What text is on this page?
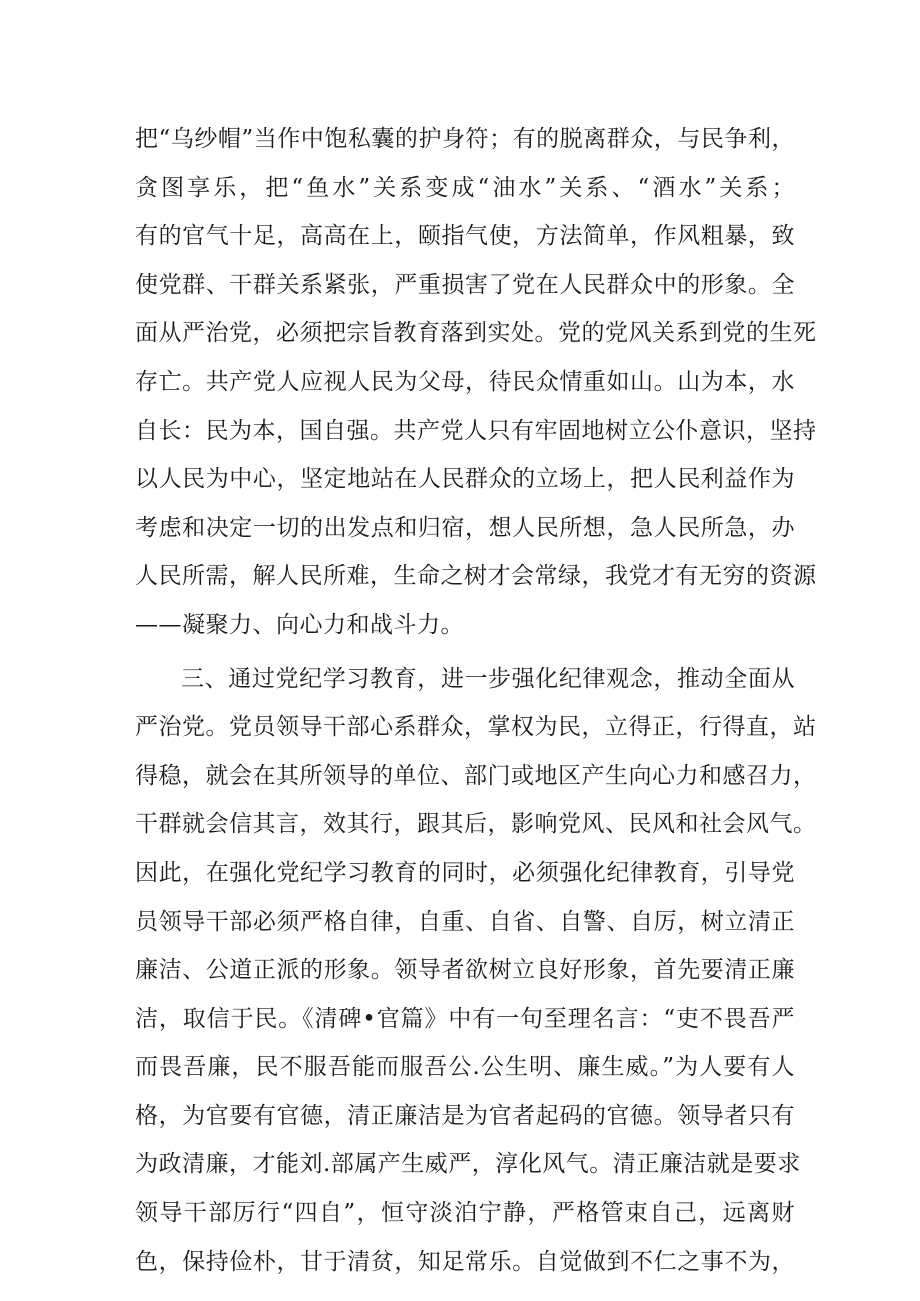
把“乌纱帽”当作中饱私囊的护身符；有的脱离群众，与民争利，
贪图享乐，把“鱼水”关系变成“油水”关系、“酒水”关系；
有的官气十足，高高在上，颐指气使，方法简单，作风粗暴，致
使党群、干群关系紧张，严重损害了党在人民群众中的形象。全
面从严治党，必须把宗旨教育落到实处。党的党风关系到党的生死
存亡。共产党人应视人民为父母，待民众情重如山。山为本，水
自长：民为本，国自强。共产党人只有牢固地树立公仆意识，坚持
以人民为中心，坚定地站在人民群众的立场上，把人民利益作为
考虑和决定一切的出发点和归宿，想人民所想，急人民所急，办
人民所需，解人民所难，生命之树才会常绿，我党才有无穷的资源
——凝聚力、向心力和战斗力。
三、通过党纪学习教育，进一步强化纪律观念，推动全面从
严治党。党员领导干部心系群众，掌权为民，立得正，行得直，站
得稳，就会在其所领导的单位、部门或地区产生向心力和感召力，
干群就会信其言，效其行，跟其后，影响党风、民风和社会风气。
因此，在强化党纪学习教育的同时，必须强化纪律教育，引导党
员领导干部必须严格自律，自重、自省、自警、自厉，树立清正
廉洁、公道正派的形象。领导者欲树立良好形象，首先要清正廉
洁，取信于民。《清碑•官篇》中有一句至理名言：“吏不畏吾严
而畏吾廉，民不服吾能而服吾公.公生明、廉生威。”为人要有人
格，为官要有官德，清正廉洁是为官者起码的官德。领导者只有
为政清廉，才能刘.部属产生威严，淳化风气。清正廉洁就是要求
领导干部厉行“四自”，恒守淡泊宁静，严格管束自己，远离财
色，保持俭朴，甘于清贫，知足常乐。自觉做到不仁之事不为，
